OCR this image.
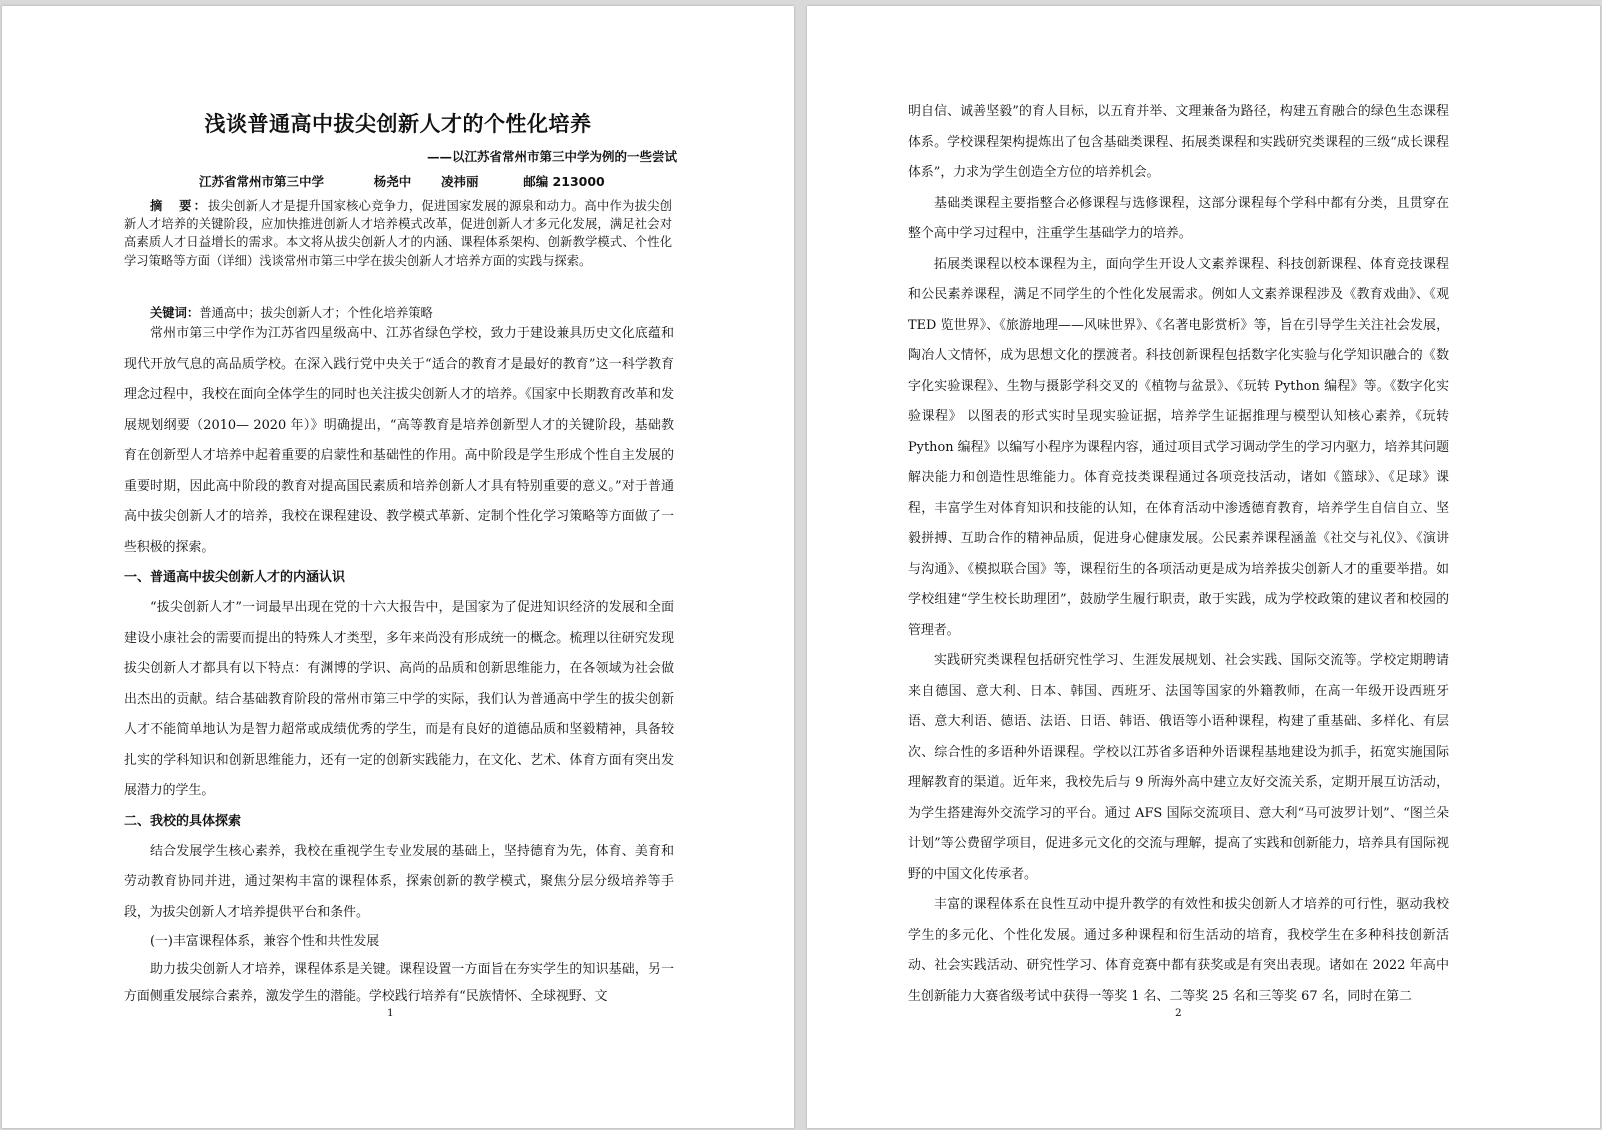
浅谈普通高中拔尖创新人才的个性化培养
——以江苏省常州市第三中学为例的一些尝试
江苏省常州市第三中学	杨尧中 凌祎丽	邮编 213000

摘　要：拔尖创新人才是提升国家核心竞争力，促进国家发展的源泉和动力。高中作为拔尖创新人才培养的关键阶段，应加快推进创新人才培养模式改革，促进创新人才多元化发展，满足社会对高素质人才日益增长的需求。本文将从拔尖创新人才的内涵、课程体系架构、创新教学模式、个性化学习策略等方面（详细）浅谈常州市第三中学在拔尖创新人才培养方面的实践与探索。

关键词：普通高中；拔尖创新人才；个性化培养策略

常州市第三中学作为江苏省四星级高中、江苏省绿色学校，致力于建设兼具历史文化底蕴和现代开放气息的高品质学校。在深入践行党中央关于“适合的教育才是最好的教育”这一科学教育理念过程中，我校在面向全体学生的同时也关注拔尖创新人才的培养。《国家中长期教育改革和发展规划纲要（2010— 2020 年）》明确提出，“高等教育是培养创新型人才的关键阶段，基础教育在创新型人才培养中起着重要的启蒙性和基础性的作用。高中阶段是学生形成个性自主发展的重要时期，因此高中阶段的教育对提高国民素质和培养创新人才具有特别重要的意义。”对于普通高中拔尖创新人才的培养，我校在课程建设、教学模式革新、定制个性化学习策略等方面做了一些积极的探索。

一、普通高中拔尖创新人才的内涵认识

“拔尖创新人才”一词最早出现在党的十六大报告中，是国家为了促进知识经济的发展和全面建设小康社会的需要而提出的特殊人才类型，多年来尚没有形成统一的概念。梳理以往研究发现拔尖创新人才都具有以下特点：有渊博的学识、高尚的品质和创新思维能力，在各领域为社会做出杰出的贡献。结合基础教育阶段的常州市第三中学的实际，我们认为普通高中学生的拔尖创新人才不能简单地认为是智力超常或成绩优秀的学生，而是有良好的道德品质和坚毅精神，具备较扎实的学科知识和创新思维能力，还有一定的创新实践能力，在文化、艺术、体育方面有突出发展潜力的学生。

二、我校的具体探索

结合发展学生核心素养，我校在重视学生专业发展的基础上，坚持德育为先，体育、美育和劳动教育协同并进，通过架构丰富的课程体系，探索创新的教学模式，聚焦分层分级培养等手段，为拔尖创新人才培养提供平台和条件。

(一)丰富课程体系，兼容个性和共性发展

助力拔尖创新人才培养，课程体系是关键。课程设置一方面旨在夯实学生的知识基础，另一方面侧重发展综合素养，激发学生的潜能。学校践行培养有“民族情怀、全球视野、文

1

明自信、诚善坚毅”的育人目标，以五育并举、文理兼备为路径，构建五育融合的绿色生态课程体系。学校课程架构提炼出了包含基础类课程、拓展类课程和实践研究类课程的三级“成长课程体系”，力求为学生创造全方位的培养机会。

基础类课程主要指整合必修课程与选修课程，这部分课程每个学科中都有分类，且贯穿在整个高中学习过程中，注重学生基础学力的培养。

拓展类课程以校本课程为主，面向学生开设人文素养课程、科技创新课程、体育竞技课程和公民素养课程，满足不同学生的个性化发展需求。例如人文素养课程涉及《教育戏曲》、《观 TED 览世界》、《旅游地理——风味世界》、《名著电影赏析》等，旨在引导学生关注社会发展，陶冶人文情怀，成为思想文化的摆渡者。科技创新课程包括数字化实验与化学知识融合的《数字化实验课程》、生物与摄影学科交叉的《植物与盆景》、《玩转 Python 编程》等。《数字化实验课程》 以图表的形式实时呈现实验证据，培养学生证据推理与模型认知核心素养，《玩转 Python 编程》以编写小程序为课程内容，通过项目式学习调动学生的学习内驱力，培养其问题解决能力和创造性思维能力。体育竞技类课程通过各项竞技活动，诸如《篮球》、《足球》课程，丰富学生对体育知识和技能的认知，在体育活动中渗透德育教育，培养学生自信自立、坚毅拼搏、互助合作的精神品质，促进身心健康发展。公民素养课程涵盖《社交与礼仪》、《演讲与沟通》、《模拟联合国》等，课程衍生的各项活动更是成为培养拔尖创新人才的重要举措。如学校组建“学生校长助理团”，鼓励学生履行职责，敢于实践，成为学校政策的建议者和校园的管理者。

实践研究类课程包括研究性学习、生涯发展规划、社会实践、国际交流等。学校定期聘请来自德国、意大利、日本、韩国、西班牙、法国等国家的外籍教师，在高一年级开设西班牙语、意大利语、德语、法语、日语、韩语、俄语等小语种课程，构建了重基础、多样化、有层次、综合性的多语种外语课程。学校以江苏省多语种外语课程基地建设为抓手，拓宽实施国际理解教育的渠道。近年来，我校先后与 9 所海外高中建立友好交流关系，定期开展互访活动，为学生搭建海外交流学习的平台。通过 AFS 国际交流项目、意大利“马可波罗计划”、“图兰朵计划”等公费留学项目，促进多元文化的交流与理解，提高了实践和创新能力，培养具有国际视野的中国文化传承者。

丰富的课程体系在良性互动中提升教学的有效性和拔尖创新人才培养的可行性，驱动我校学生的多元化、个性化发展。通过多种课程和衍生活动的培育，我校学生在多种科技创新活动、社会实践活动、研究性学习、体育竞赛中都有获奖或是有突出表现。诸如在 2022 年高中生创新能力大赛省级考试中获得一等奖 1 名、二等奖 25 名和三等奖 67 名，同时在第二

2
